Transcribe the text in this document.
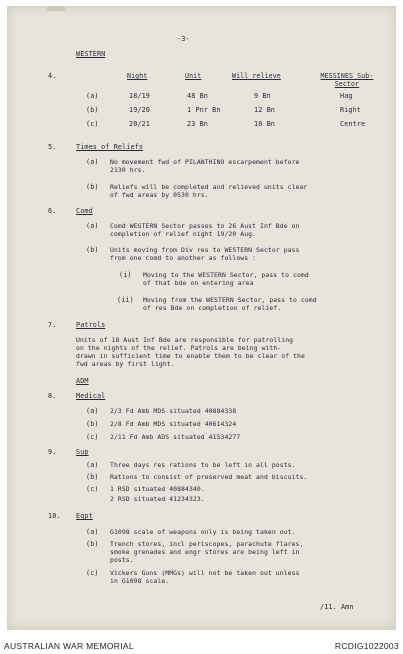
-3-
WESTERN
4.	Night	Unit	Will relieve	MESSINES Sub-Sector
(a)	18/19	48 Bn	9 Bn	Hag
(b)	19/20	1 Pnr Bn	12 Bn	Right
(c)	20/21	23 Bn	10 Bn	Centre
5.	Times of Reliefs
(a) No movement fwd of PILANTHINO escarpement before
2130 hrs.
(b) Reliefs will be completed and relieved units clear
of fwd areas by 0530 hrs.
6.	Comd
(a) Comd WESTERN Sector passes to 26 Aust Inf Bde on
completion of relief night 19/20 Aug.
(b) Units moving from Div res to WESTERN Sector pass
from one comd to another as follows :
(i) Moving to the WESTERN Sector, pass to comd
of that bde on entering area
(ii) Moving from the WESTERN Sector, pass to comd
of res Bde on completion of relief.
7.	Patrols
Units of 18 Aust Inf Bde are responsible for patrolling
on the nights of the relief. Patrols are being with-
drawn in sufficient time to enable them to be clear of the
fwd areas by first light.
ADM
8.	Medical
(a) 2/3 Fd Amb MDS situated 40884338
(b) 2/8 Fd Amb MDS situated 40614324
(c) 2/11 Fd Amb ADS situated 41534277
9.	Sup
(a) Three days res rations to be left in all posts.
(b) Rations to consist of preserved meat and biscuits.
(c) 1 RSD situated 40884340.
2 RSD situated 41234323.
10. Eqpt
(a) G1098 scale of weapons only is being taken out.
(b) Trench stores, incl periscopes, parachute flares,
smoke grenades and engr stores are being left in
posts.
(c) Vickers Guns (MMGs) will not be taken out unless
in G1098 scale.
/11. Amn
AUSTRALIAN WAR MEMORIAL	RCDIG1022003
